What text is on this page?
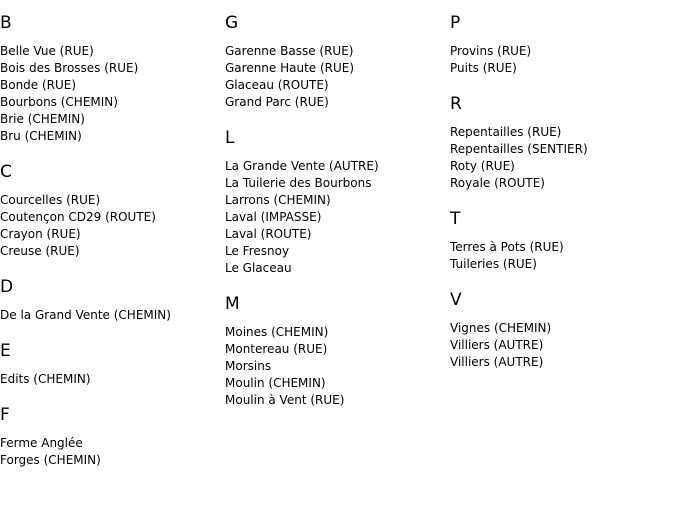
B
Belle Vue (RUE)
Bois des Brosses (RUE)
Bonde (RUE)
Bourbons (CHEMIN)
Brie (CHEMIN)
Bru (CHEMIN)
C
Courcelles (RUE)
Coutençon CD29 (ROUTE)
Crayon (RUE)
Creuse (RUE)
D
De la Grand Vente (CHEMIN)
E
Edits (CHEMIN)
F
Ferme Anglée
Forges (CHEMIN)
G
Garenne Basse (RUE)
Garenne Haute (RUE)
Glaceau (ROUTE)
Grand Parc (RUE)
L
La Grande Vente (AUTRE)
La Tuilerie des Bourbons
Larrons (CHEMIN)
Laval (IMPASSE)
Laval (ROUTE)
Le Fresnoy
Le Glaceau
M
Moines (CHEMIN)
Montereau (RUE)
Morsins
Moulin (CHEMIN)
Moulin à Vent (RUE)
P
Provins (RUE)
Puits (RUE)
R
Repentailles (RUE)
Repentailles (SENTIER)
Roty (RUE)
Royale (ROUTE)
T
Terres à Pots (RUE)
Tuileries (RUE)
V
Vignes (CHEMIN)
Villiers (AUTRE)
Villiers (AUTRE)
